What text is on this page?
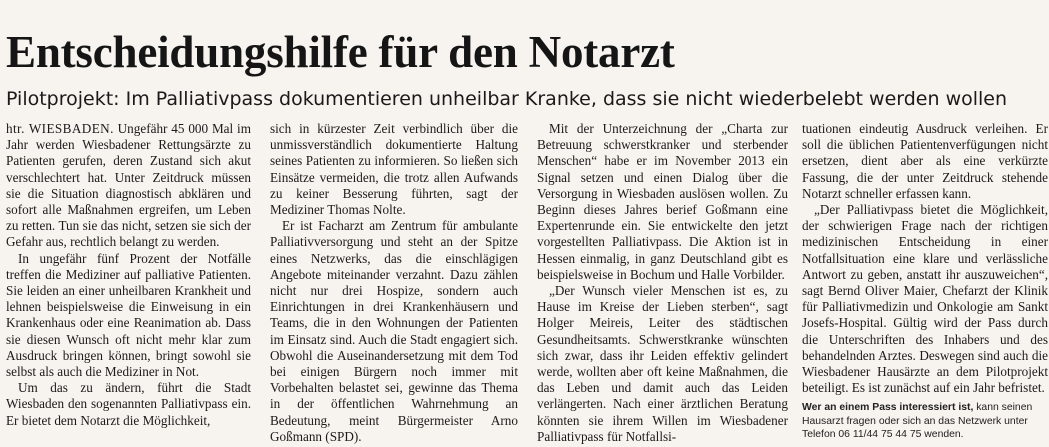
Entscheidungshilfe für den Notarzt
Pilotprojekt: Im Palliativpass dokumentieren unheilbar Kranke, dass sie nicht wiederbelebt werden wollen

htr. WIESBADEN. Ungefähr 45 000 Mal im Jahr werden Wiesbadener Rettungsärzte zu Patienten gerufen, deren Zustand sich akut verschlechtert hat. Unter Zeitdruck müssen sie die Situation diagnostisch abklären und sofort alle Maßnahmen ergreifen, um Leben zu retten. Tun sie das nicht, setzen sie sich der Gefahr aus, rechtlich belangt zu werden.

In ungefähr fünf Prozent der Notfälle treffen die Mediziner auf palliative Patienten. Sie leiden an einer unheilbaren Krankheit und lehnen beispielsweise die Einweisung in ein Krankenhaus oder eine Reanimation ab. Dass sie diesen Wunsch oft nicht mehr klar zum Ausdruck bringen können, bringt sowohl sie selbst als auch die Mediziner in Not.

Um das zu ändern, führt die Stadt Wiesbaden den sogenannten Palliativpass ein. Er bietet dem Notarzt die Möglichkeit,

sich in kürzester Zeit verbindlich über die unmissverständlich dokumentierte Haltung seines Patienten zu informieren. So ließen sich Einsätze vermeiden, die trotz allen Aufwands zu keiner Besserung führten, sagt der Mediziner Thomas Nolte.

Er ist Facharzt am Zentrum für ambulante Palliativversorgung und steht an der Spitze eines Netzwerks, das die einschlägigen Angebote miteinander verzahnt. Dazu zählen nicht nur drei Hospize, sondern auch Einrichtungen in drei Krankenhäusern und Teams, die in den Wohnungen der Patienten im Einsatz sind. Auch die Stadt engagiert sich. Obwohl die Auseinandersetzung mit dem Tod bei einigen Bürgern noch immer mit Vorbehalten belastet sei, gewinne das Thema in der öffentlichen Wahrnehmung an Bedeutung, meint Bürgermeister Arno Goßmann (SPD).

Mit der Unterzeichnung der „Charta zur Betreuung schwerstkranker und sterbender Menschen“ habe er im November 2013 ein Signal setzen und einen Dialog über die Versorgung in Wiesbaden auslösen wollen. Zu Beginn dieses Jahres berief Goßmann eine Expertenrunde ein. Sie entwickelte den jetzt vorgestellten Palliativpass. Die Aktion ist in Hessen einmalig, in ganz Deutschland gibt es beispielsweise in Bochum und Halle Vorbilder.

„Der Wunsch vieler Menschen ist es, zu Hause im Kreise der Lieben sterben“, sagt Holger Meireis, Leiter des städtischen Gesundheitsamts. Schwerstkranke wünschten sich zwar, dass ihr Leiden effektiv gelindert werde, wollten aber oft keine Maßnahmen, die das Leben und damit auch das Leiden verlängerten. Nach einer ärztlichen Beratung könnten sie ihrem Willen im Wiesbadener Palliativpass für Notfallsi-

tuationen eindeutig Ausdruck verleihen. Er soll die üblichen Patientenverfügungen nicht ersetzen, dient aber als eine verkürzte Fassung, die der unter Zeitdruck stehende Notarzt schneller erfassen kann.

„Der Palliativpass bietet die Möglichkeit, der schwierigen Frage nach der richtigen medizinischen Entscheidung in einer Notfallsituation eine klare und verlässliche Antwort zu geben, anstatt ihr auszuweichen“, sagt Bernd Oliver Maier, Chefarzt der Klinik für Palliativmedizin und Onkologie am Sankt Josefs-Hospital. Gültig wird der Pass durch die Unterschriften des Inhabers und des behandelnden Arztes. Deswegen sind auch die Wiesbadener Hausärzte an dem Pilotprojekt beteiligt. Es ist zunächst auf ein Jahr befristet.

Wer an einem Pass interessiert ist, kann seinen Hausarzt fragen oder sich an das Netzwerk unter Telefon 06 11/44 75 44 75 wenden.
